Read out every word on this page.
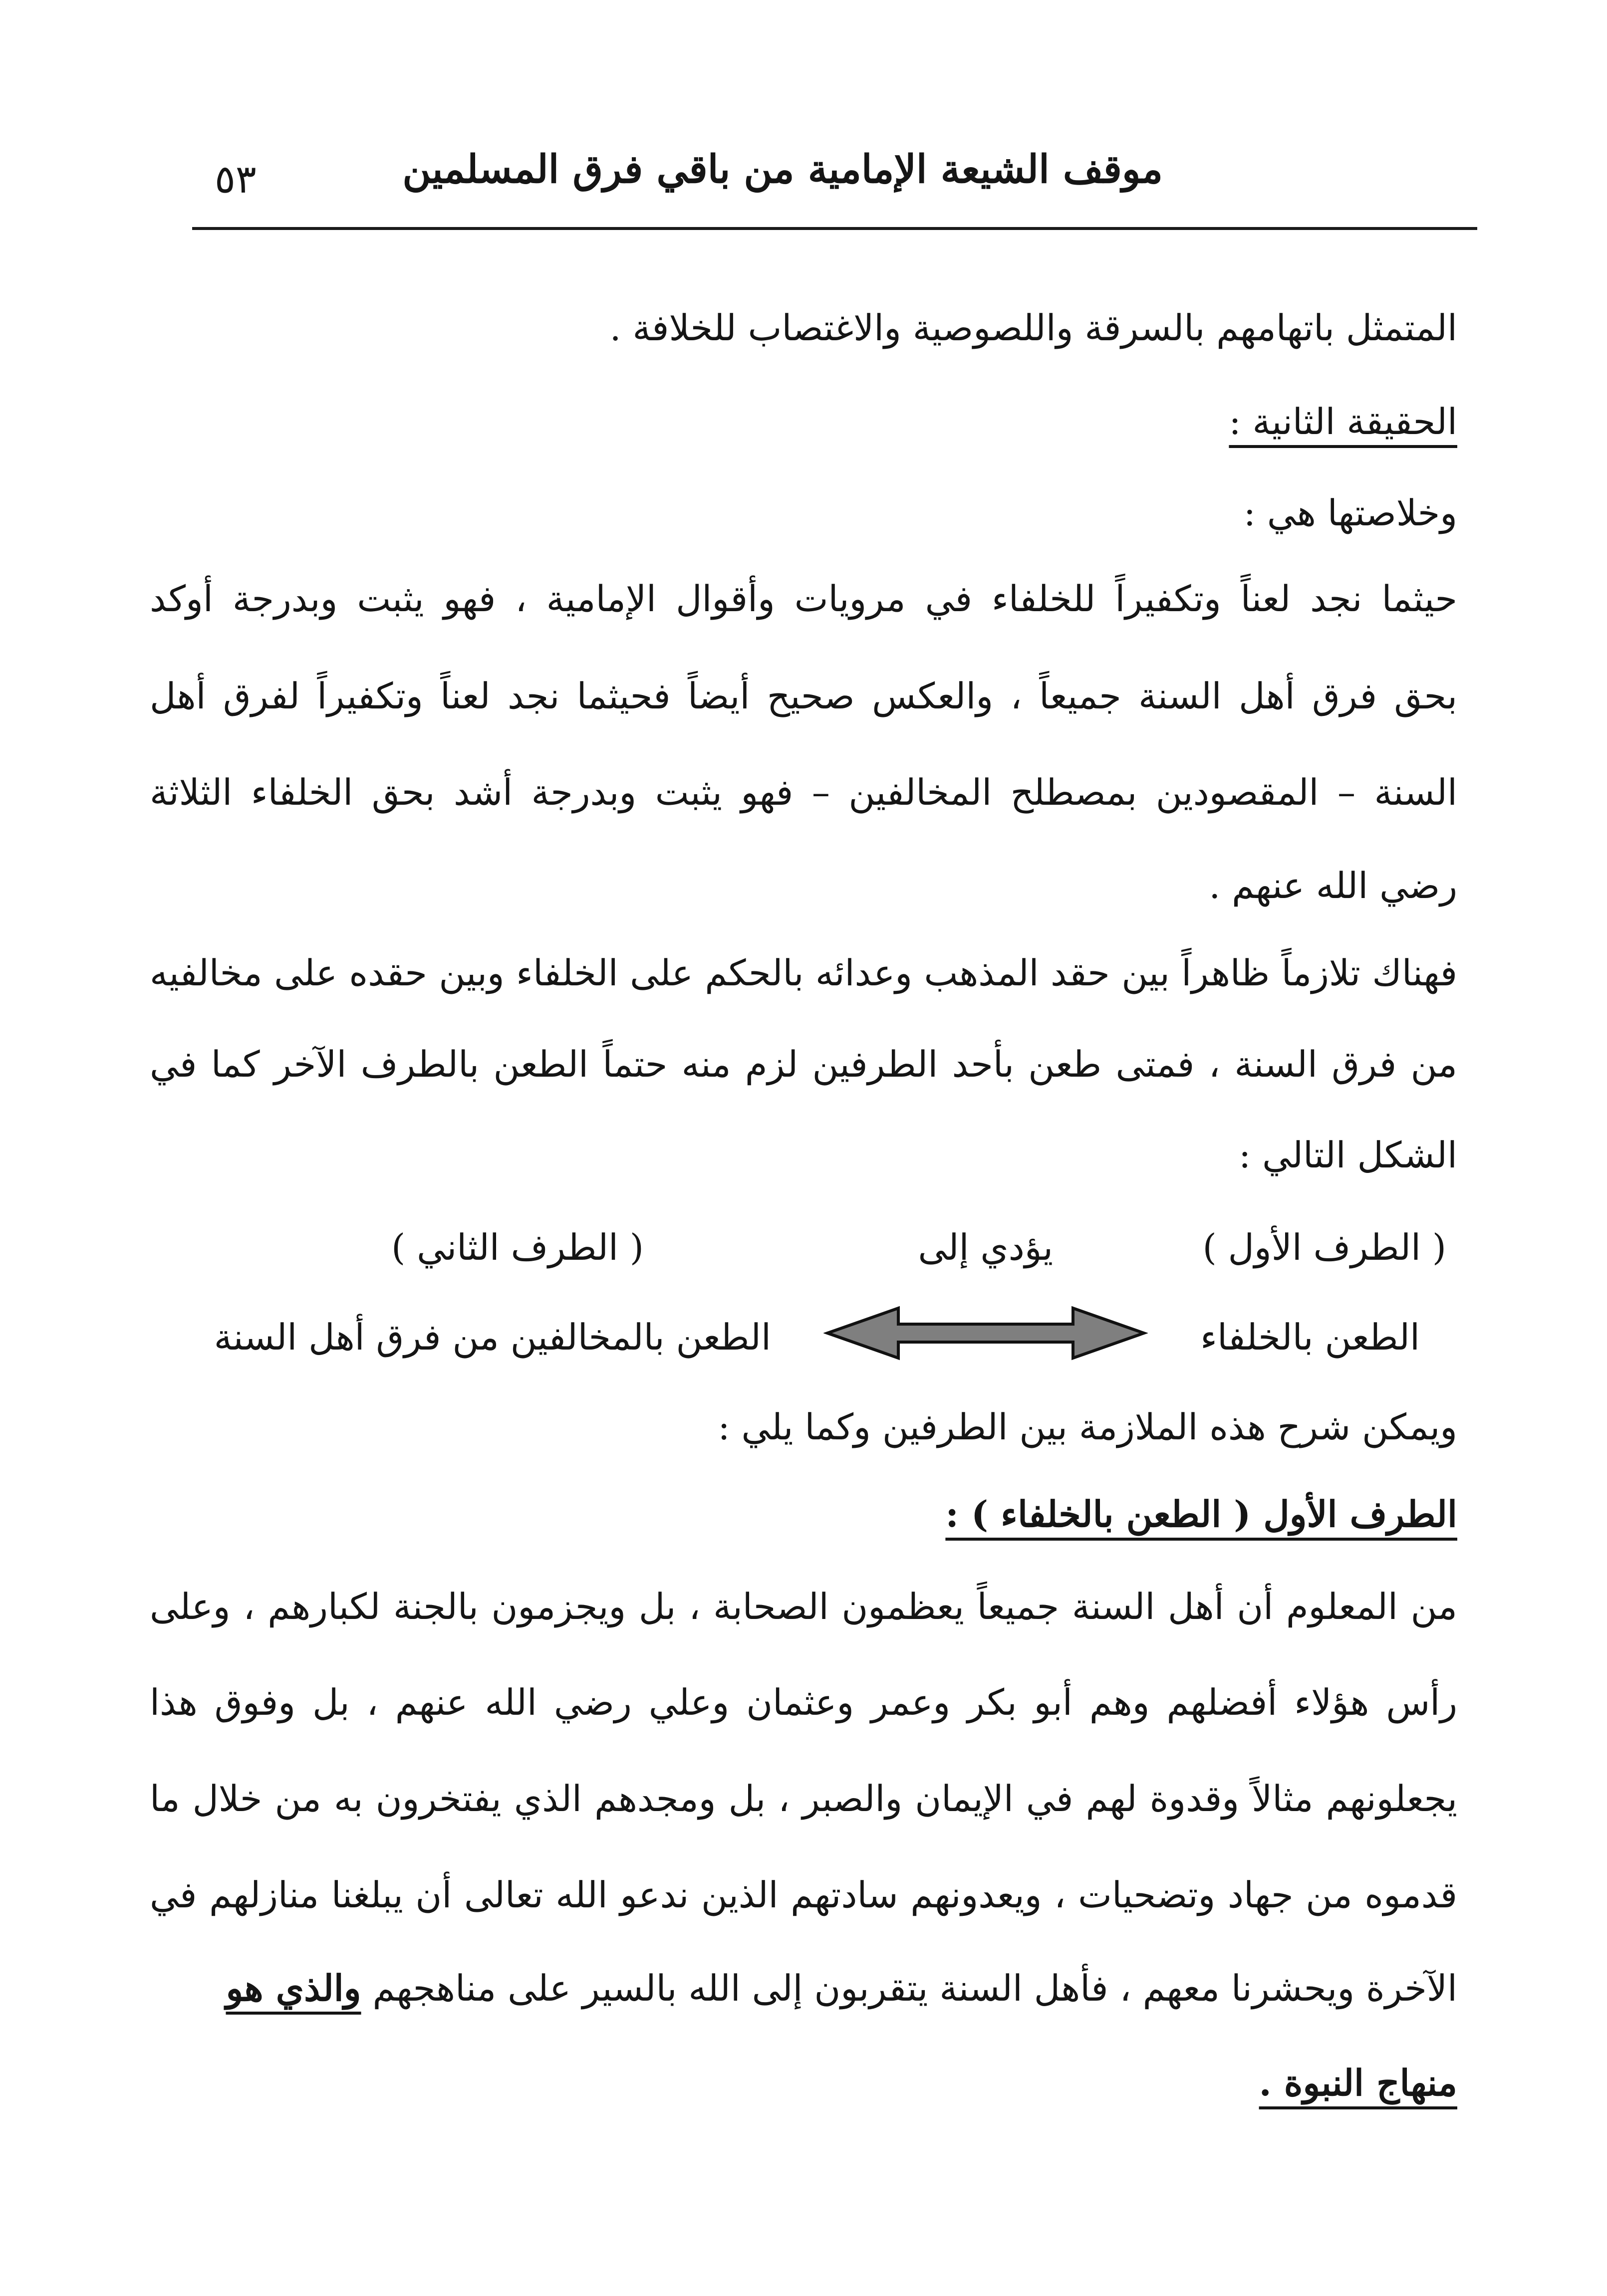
موقف الشيعة الإمامية من باقي فرق المسلمين
٥٣
المتمثل باتهامهم بالسرقة واللصوصية والاغتصاب للخلافة .
الحقيقة الثانية :
وخلاصتها هي :
حيثما نجد لعناً وتكفيراً للخلفاء في مرويات وأقوال الإمامية ، فهو يثبت وبدرجة أوكد
بحق فرق أهل السنة جميعاً ، والعكس صحيح أيضاً فحيثما نجد لعناً وتكفيراً لفرق أهل
السنة – المقصودين بمصطلح المخالفين – فهو يثبت وبدرجة أشد بحق الخلفاء الثلاثة
رضي الله عنهم .
فهناك تلازماً ظاهراً بين حقد المذهب وعدائه بالحكم على الخلفاء وبين حقده على مخالفيه
من فرق السنة ، فمتى طعن بأحد الطرفين لزم منه حتماً الطعن بالطرف الآخر كما في
الشكل التالي :
( الطرف الأول )
يؤدي إلى
( الطرف الثاني )
الطعن بالخلفاء
الطعن بالمخالفين من فرق أهل السنة
ويمكن شرح هذه الملازمة بين الطرفين وكما يلي :
الطرف الأول ( الطعن بالخلفاء ) :
من المعلوم أن أهل السنة جميعاً يعظمون الصحابة ، بل ويجزمون بالجنة لكبارهم ، وعلى
رأس هؤلاء أفضلهم وهم أبو بكر وعمر وعثمان وعلي رضي الله عنهم ، بل وفوق هذا
يجعلونهم مثالاً وقدوة لهم في الإيمان والصبر ، بل ومجدهم الذي يفتخرون به من خلال ما
قدموه من جهاد وتضحيات ، ويعدونهم سادتهم الذين ندعو الله تعالى أن يبلغنا منازلهم في
الآخرة ويحشرنا معهم ، فأهل السنة يتقربون إلى الله بالسير على مناهجهم والذي هو
منهاج النبوة .
